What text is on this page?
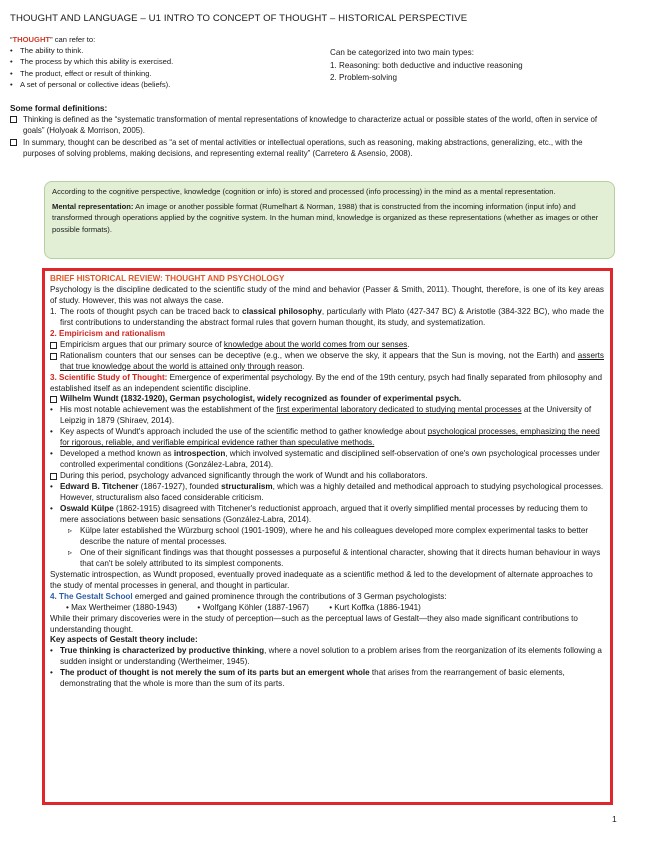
THOUGHT AND LANGUAGE – U1 INTRO TO CONCEPT OF THOUGHT – HISTORICAL PERSPECTIVE
“THOUGHT” can refer to:
• The ability to think.
• The process by which this ability is exercised.
• The product, effect or result of thinking.
• A set of personal or collective ideas (beliefs).
Can be categorized into two main types:
1. Reasoning: both deductive and inductive reasoning
2. Problem-solving
Some formal definitions:
Thinking is defined as the “systematic transformation of mental representations of knowledge to characterize actual or possible states of the world, often in service of goals” (Holyoak & Morrison, 2005).
In summary, thought can be described as “a set of mental activities or intellectual operations, such as reasoning, making abstractions, generalizing, etc., with the purposes of solving problems, making decisions, and representing external reality” (Carretero & Asensio, 2008).

According to the cognitive perspective, knowledge (cognition or info) is stored and processed (info processing) in the mind as a mental representation.

Mental representation: An image or another possible format (Rumelhart & Norman, 1988) that is constructed from the incoming information (input info) and transformed through operations applied by the cognitive system. In the human mind, knowledge is organized as these representations (whether as images or other possible formats).

BRIEF HISTORICAL REVIEW: THOUGHT AND PSYCHOLOGY

Psychology is the discipline dedicated to the scientific study of the mind and behavior (Passer & Smith, 2011). Thought, therefore, is one of its key areas of study. However, this was not always the case.

1. The roots of thought psych can be traced back to classical philosophy, particularly with Plato (427-347 BC) & Aristotle (384-322 BC), who made the first contributions to understanding the abstract formal rules that govern human thought, its study, and systematization.

2. Empiricism and rationalism

Empiricism argues that our primary source of knowledge about the world comes from our senses.

Rationalism counters that our senses can be deceptive (e.g., when we observe the sky, it appears that the Sun is moving, not the Earth) and asserts that true knowledge about the world is attained only through reason.

3. Scientific Study of Thought: Emergence of experimental psychology. By the end of the 19th century, psych had finally separated from philosophy and established itself as an independent scientific discipline.

Wilhelm Wundt (1832-1920), German psychologist, widely recognized as founder of experimental psych.

• His most notable achievement was the establishment of the first experimental laboratory dedicated to studying mental processes at the University of Leipzig in 1879 (Shiraev, 2014).

• Key aspects of Wundt's approach included the use of the scientific method to gather knowledge about psychological processes, emphasizing the need for rigorous, reliable, and verifiable empirical evidence rather than speculative methods.

• Developed a method known as introspection, which involved systematic and disciplined self-observation of one's own psychological processes under controlled experimental conditions (González-Labra, 2014).

During this period, psychology advanced significantly through the work of Wundt and his collaborators.

• Edward B. Titchener (1867-1927), founded structuralism, which was a highly detailed and methodical approach to studying psychological processes. However, structuralism also faced considerable criticism.

• Oswald Külpe (1862-1915) disagreed with Titchener's reductionist approach, argued that it overly simplified mental processes by reducing them to mere associations between basic sensations (González-Labra, 2014).

▹ Külpe later established the Würzburg school (1901-1909), where he and his colleagues developed more complex experimental tasks to better describe the nature of mental processes.

▹ One of their significant findings was that thought possesses a purposeful & intentional character, showing that it directs human behaviour in ways that can't be solely attributed to its simplest components.

Systematic introspection, as Wundt proposed, eventually proved inadequate as a scientific method & led to the development of alternate approaches to the study of mental processes in general, and thought in particular.

4. The Gestalt School emerged and gained prominence through the contributions of 3 German psychologists:

• Max Wertheimer (1880-1943) • Wolfgang Köhler (1887-1967) • Kurt Koffka (1886-1941)

While their primary discoveries were in the study of perception—such as the perceptual laws of Gestalt—they also made significant contributions to understanding thought.

Key aspects of Gestalt theory include:

• True thinking is characterized by productive thinking, where a novel solution to a problem arises from the reorganization of its elements following a sudden insight or understanding (Wertheimer, 1945).

• The product of thought is not merely the sum of its parts but an emergent whole that arises from the rearrangement of basic elements, demonstrating that the whole is more than the sum of its parts.

1
